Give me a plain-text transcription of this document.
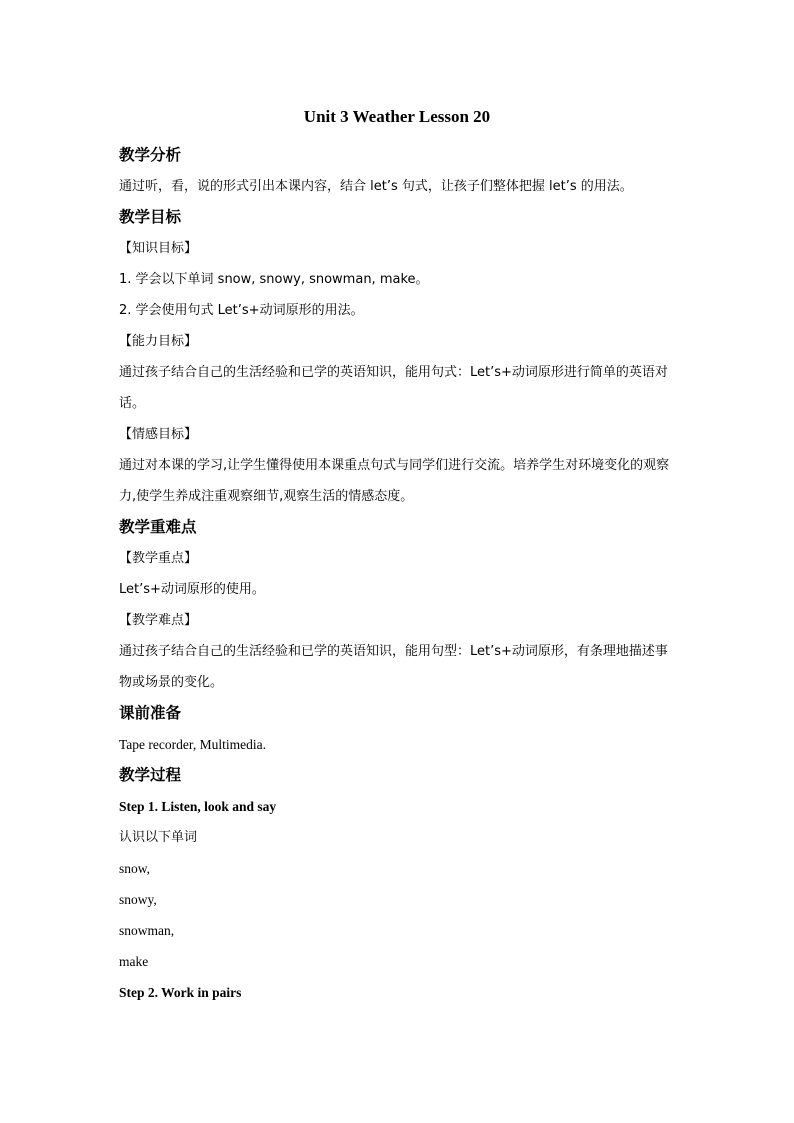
Unit 3 Weather Lesson 20
教学分析
通过听，看，说的形式引出本课内容，结合 let’s 句式，让孩子们整体把握 let’s 的用法。
教学目标
【知识目标】
1. 学会以下单词 snow, snowy, snowman, make。
2. 学会使用句式 Let’s+动词原形的用法。
【能力目标】
通过孩子结合自己的生活经验和已学的英语知识，能用句式：Let’s+动词原形进行简单的英语对话。
【情感目标】
通过对本课的学习,让学生懂得使用本课重点句式与同学们进行交流。培养学生对环境变化的观察力,使学生养成注重观察细节,观察生活的情感态度。
教学重难点
【教学重点】
Let’s+动词原形的使用。
【教学难点】
通过孩子结合自己的生活经验和已学的英语知识，能用句型：Let’s+动词原形，有条理地描述事物或场景的变化。
课前准备
Tape recorder, Multimedia.
教学过程
Step 1. Listen, look and say
认识以下单词
snow,
snowy,
snowman,
make
Step 2. Work in pairs
